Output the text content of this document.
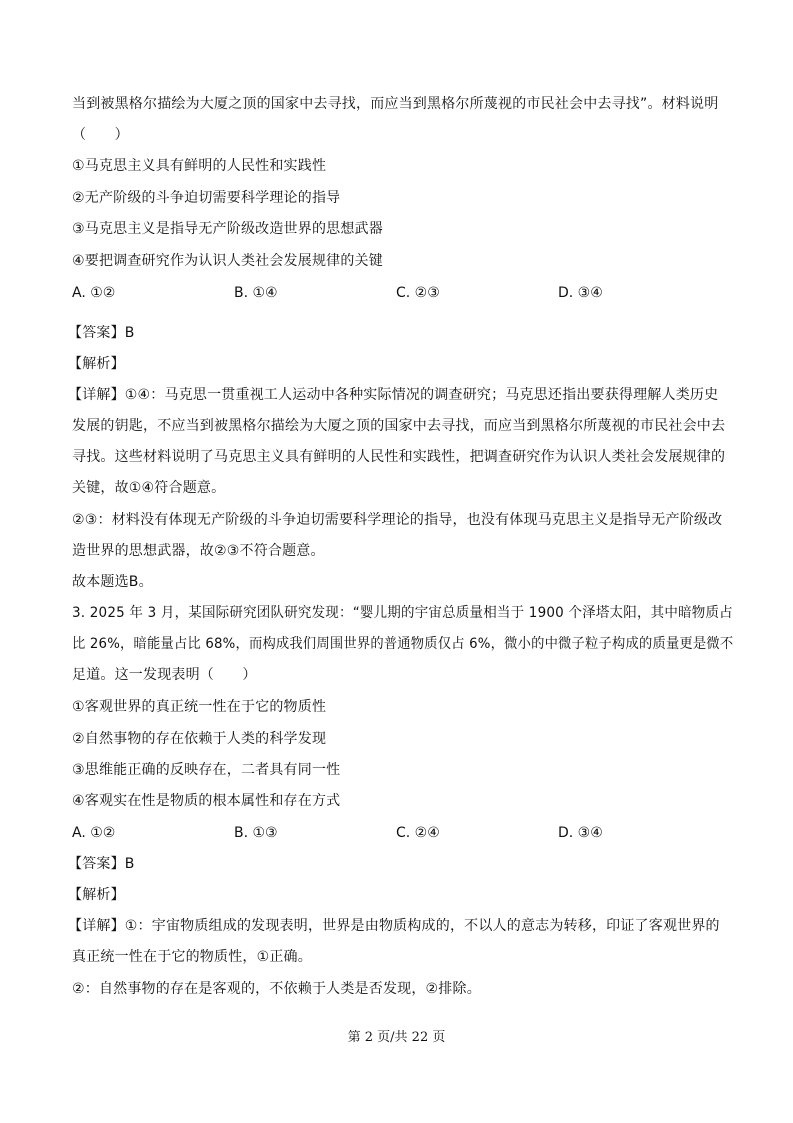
当到被黑格尔描绘为大厦之顶的国家中去寻找，而应当到黑格尔所蔑视的市民社会中去寻找”。材料说明
（　　）
①马克思主义具有鲜明的人民性和实践性
②无产阶级的斗争迫切需要科学理论的指导
③马克思主义是指导无产阶级改造世界的思想武器
④要把调查研究作为认识人类社会发展规律的关键
A. ①②	B. ①④	C. ②③	D. ③④
【答案】B
【解析】
【详解】①④：马克思一贯重视工人运动中各种实际情况的调查研究；马克思还指出要获得理解人类历史
发展的钥匙，不应当到被黑格尔描绘为大厦之顶的国家中去寻找，而应当到黑格尔所蔑视的市民社会中去
寻找。这些材料说明了马克思主义具有鲜明的人民性和实践性，把调查研究作为认识人类社会发展规律的
关键，故①④符合题意。
②③：材料没有体现无产阶级的斗争迫切需要科学理论的指导，也没有体现马克思主义是指导无产阶级改
造世界的思想武器，故②③不符合题意。
故本题选B。
3. 2025 年 3 月，某国际研究团队研究发现：“婴儿期的宇宙总质量相当于 1900 个泽塔太阳，其中暗物质占
比 26%，暗能量占比 68%，而构成我们周围世界的普通物质仅占 6%，微小的中微子粒子构成的质量更是微不
足道。这一发现表明（　　）
①客观世界的真正统一性在于它的物质性
②自然事物的存在依赖于人类的科学发现
③思维能正确的反映存在，二者具有同一性
④客观实在性是物质的根本属性和存在方式
A. ①②	B. ①③	C. ②④	D. ③④
【答案】B
【解析】
【详解】①：宇宙物质组成的发现表明，世界是由物质构成的，不以人的意志为转移，印证了客观世界的
真正统一性在于它的物质性，①正确。
②：自然事物的存在是客观的，不依赖于人类是否发现，②排除。
第 2 页/共 22 页
